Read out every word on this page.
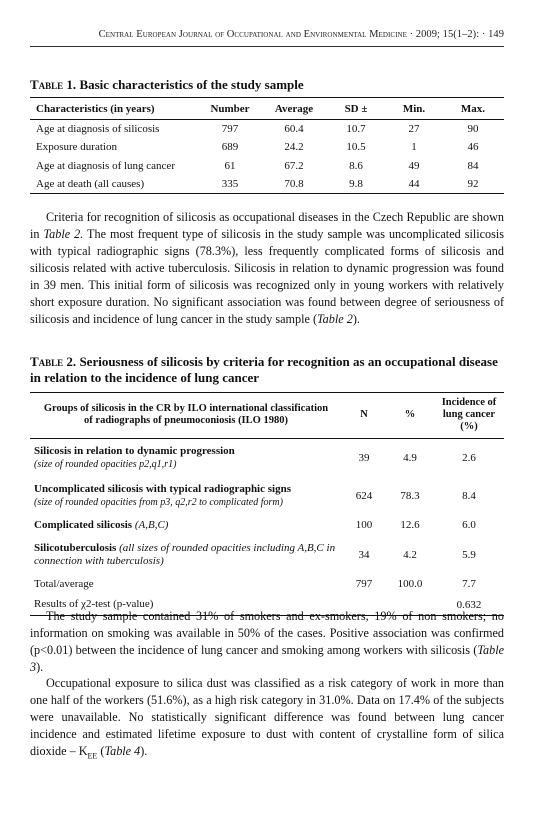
Central European Journal of Occupational and Environmental Medicine · 2009; 15(1–2): · 149
Table 1. Basic characteristics of the study sample
Characteristics (in years)	Number	Average	SD ±	Min.	Max.
Age at diagnosis of silicosis	797	60.4	10.7	27	90
Exposure duration	689	24.2	10.5	1	46
Age at diagnosis of lung cancer	61	67.2	8.6	49	84
Age at death (all causes)	335	70.8	9.8	44	92

Criteria for recognition of silicosis as occupational diseases in the Czech Republic are shown in Table 2. The most frequent type of silicosis in the study sample was uncomplicated silicosis with typical radiographic signs (78.3%), less frequently complicated forms of silicosis and silicosis related with active tuberculosis. Silicosis in relation to dynamic progression was found in 39 men. This initial form of silicosis was recognized only in young workers with relatively short exposure duration. No significant association was found between degree of seriousness of silicosis and incidence of lung cancer in the study sample (Table 2).

Table 2. Seriousness of silicosis by criteria for recognition as an occupational disease in relation to the incidence of lung cancer
Groups of silicosis in the CR by ILO international classification of radiographs of pneumoconiosis (ILO 1980)	N	%	Incidence of lung cancer (%)

Silicosis in relation to dynamic progression
(size of rounded opacities p2,q1,r1)	39	4.9	2.6

Uncomplicated silicosis with typical radiographic signs
(size of rounded opacities from p3, q2,r2 to complicated form)	624	78.3	8.4
Complicated silicosis (A,B,C)	100	12.6	6.0
Silicotuberculosis (all sizes of rounded opacities including A,B,C in connection with tuberculosis)	34	4.2	5.9
Total/average	797	100.0	7.7
Results of χ2-test (p-value)			0.632

The study sample contained 31% of smokers and ex-smokers, 19% of non smokers; no information on smoking was available in 50% of the cases. Positive association was confirmed (p<0.01) between the incidence of lung cancer and smoking among workers with silicosis (Table 3).

Occupational exposure to silica dust was classified as a risk category of work in more than one half of the workers (51.6%), as a high risk category in 31.0%. Data on 17.4% of the subjects were unavailable. No statistically significant difference was found between lung cancer incidence and estimated lifetime exposure to dust with content of crystalline form of silica dioxide – $K_{EE}$ (Table 4).
